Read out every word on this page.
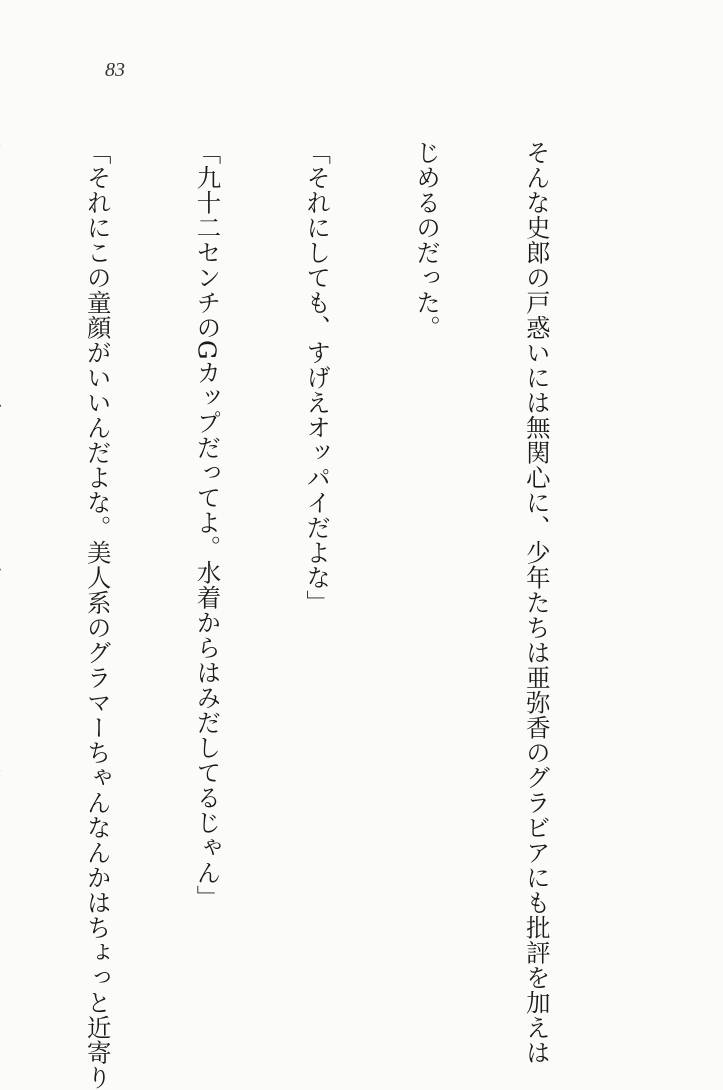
83

そんな史郎の戸惑いには無関心に、少年たちは亜弥香のグラビアにも批評を加えは

じめるのだった。

「それにしても、すげえオッパイだよな」

「九十二センチのGカップだってよ。水着からはみだしてるじゃん」

「それにこの童顔がいいんだよな。美人系のグラマーちゃんなんかはちょっと近寄り
